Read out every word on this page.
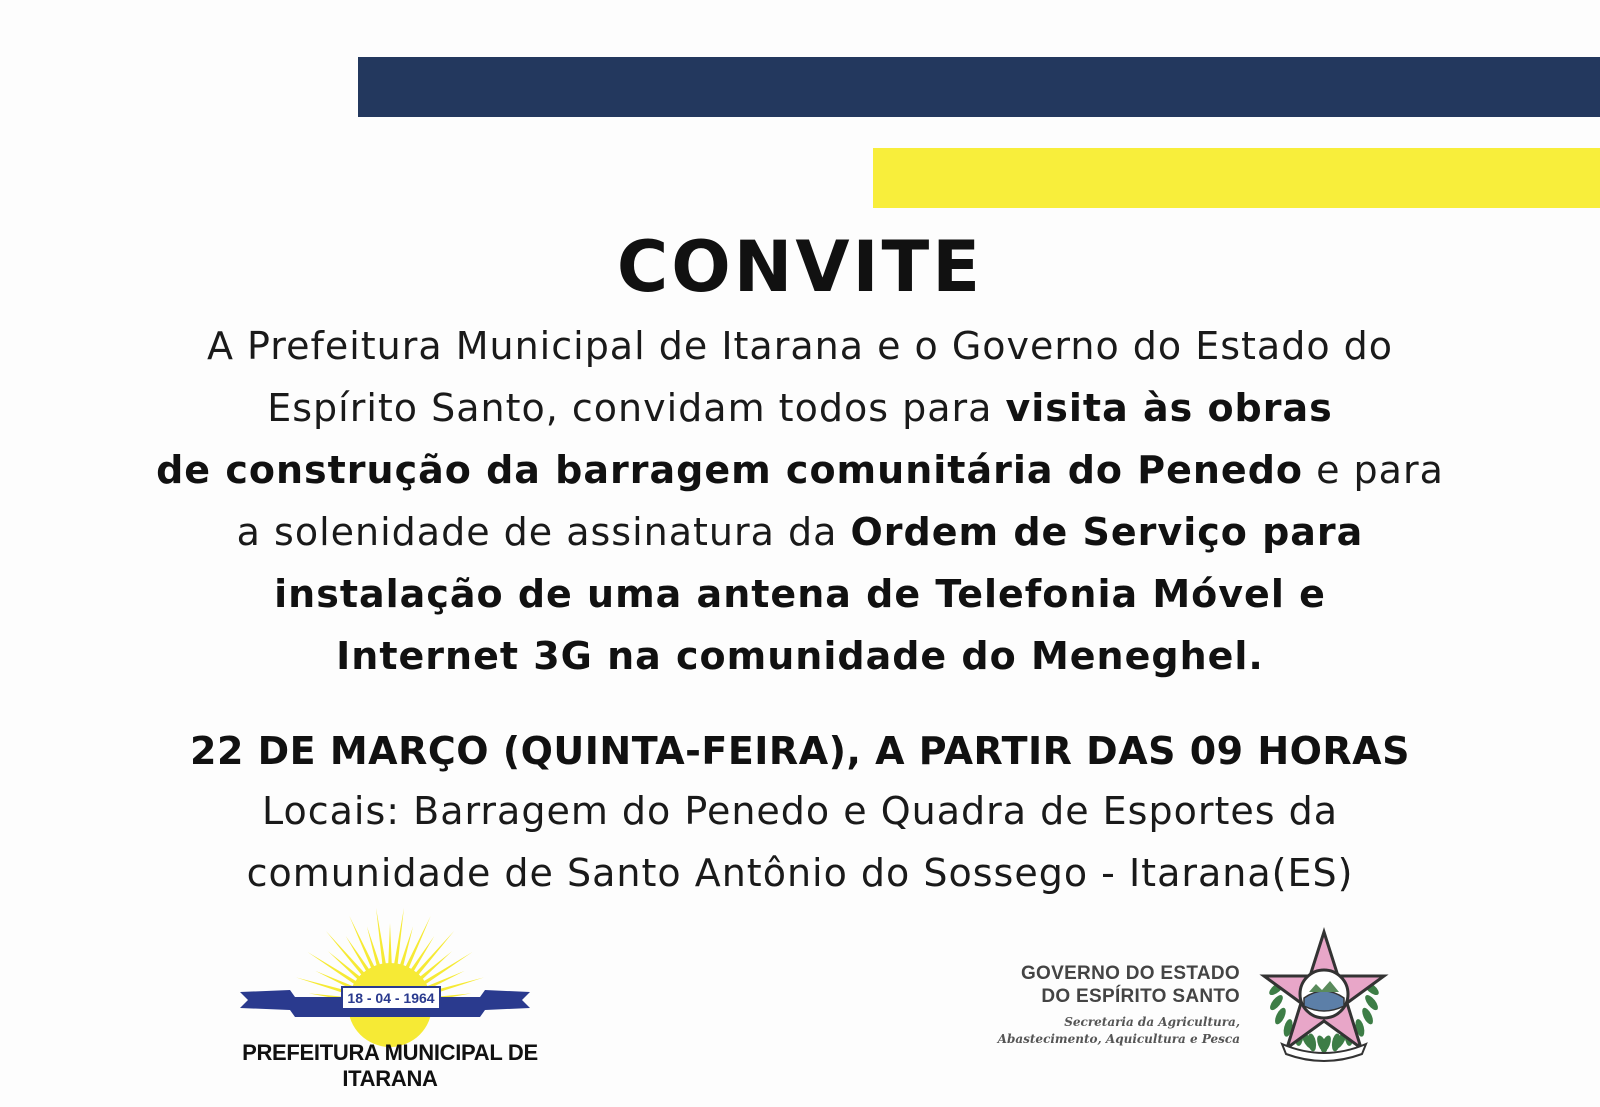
CONVITE
A Prefeitura Municipal de Itarana e o Governo do Estado do
Espírito Santo, convidam todos para visita às obras
de construção da barragem comunitária do Penedo e para
a solenidade de assinatura da Ordem de Serviço para
instalação de uma antena de Telefonia Móvel e
Internet 3G na comunidade do Meneghel.
22 DE MARÇO (QUINTA-FEIRA), A PARTIR DAS 09 HORAS
Locais: Barragem do Penedo e Quadra de Esportes da
comunidade de Santo Antônio do Sossego - Itarana(ES)
18 - 04 - 1964
PREFEITURA MUNICIPAL DE ITARANA
GOVERNO DO ESTADO
DO ESPÍRITO SANTO
Secretaria da Agricultura,
Abastecimento, Aquicultura e Pesca
